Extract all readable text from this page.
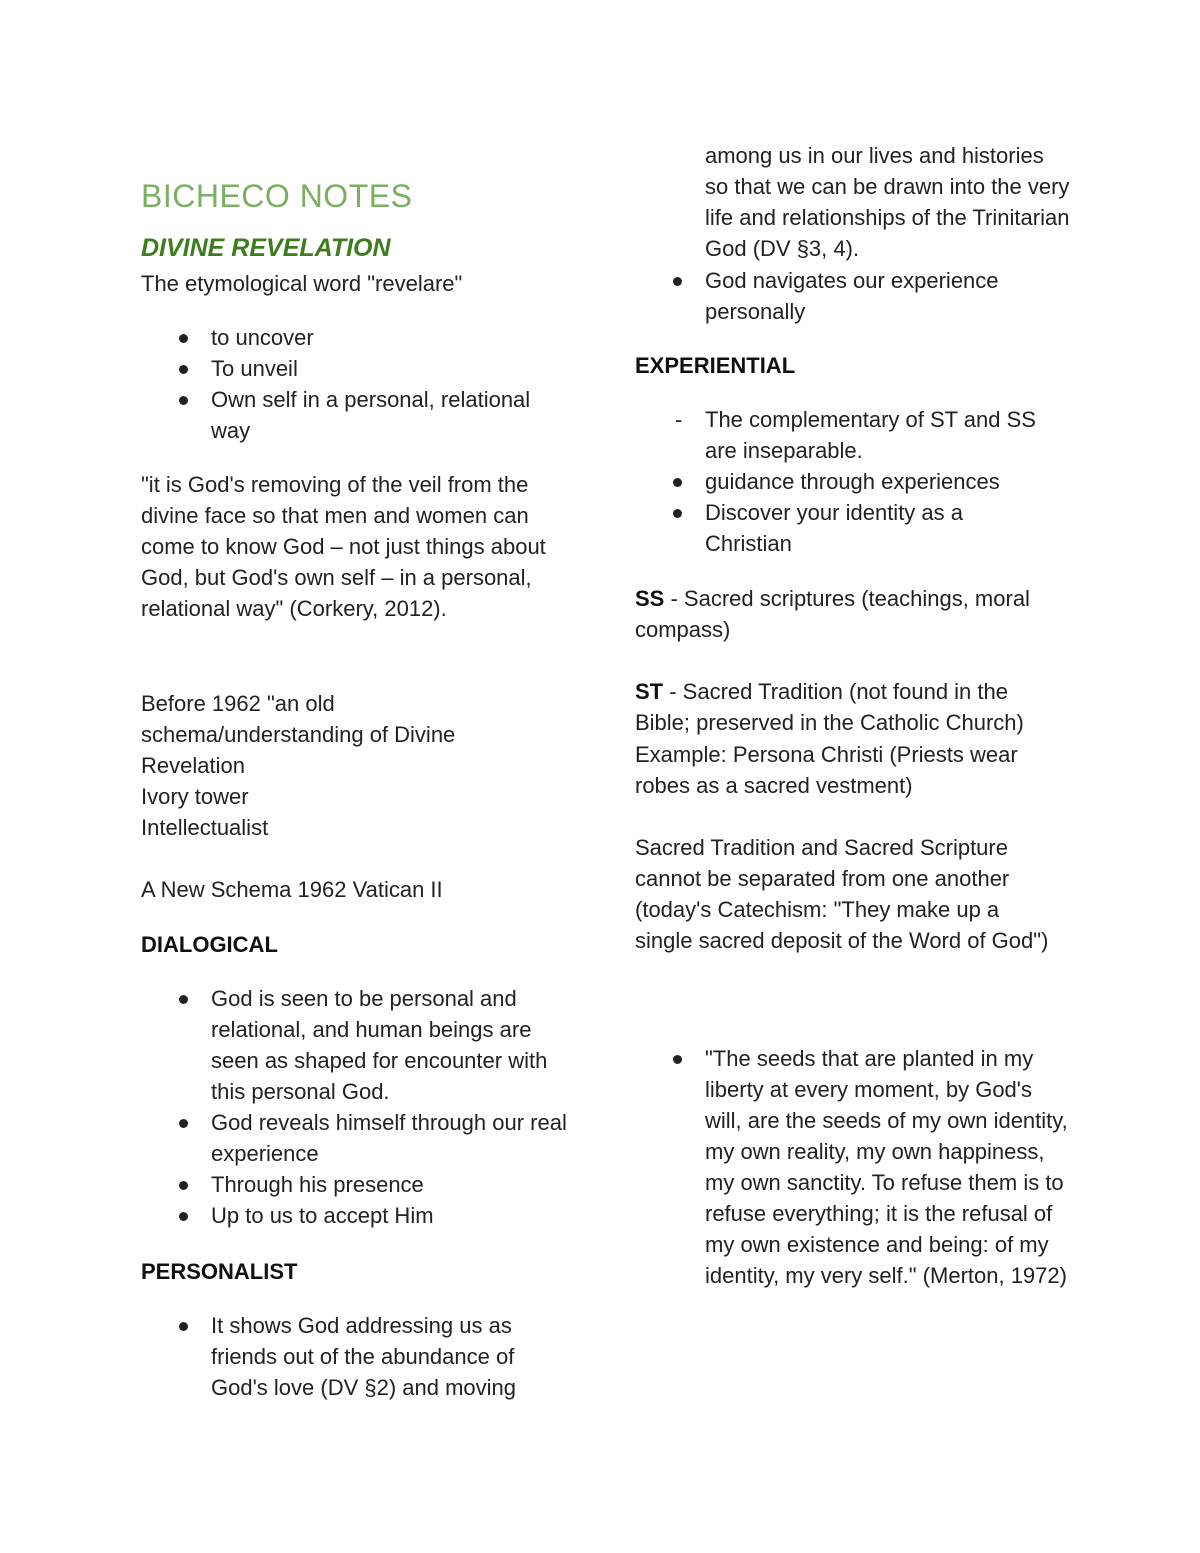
BICHECO NOTES
DIVINE REVELATION

The etymological word "revelare"

to uncover
To unveil
Own self in a personal, relational way

"it is God's removing of the veil from the divine face so that men and women can come to know God – not just things about God, but God's own self – in a personal, relational way" (Corkery, 2012).

Before 1962 "an old schema/understanding of Divine Revelation

Ivory tower

Intellectualist

A New Schema 1962 Vatican II

DIALOGICAL

God is seen to be personal and relational, and human beings are seen as shaped for encounter with this personal God.
God reveals himself through our real experience
Through his presence
Up to us to accept Him

PERSONALIST

It shows God addressing us as friends out of the abundance of God's love (DV §2) and moving

among us in our lives and histories so that we can be drawn into the very life and relationships of the Trinitarian God (DV §3, 4).

God navigates our experience personally

EXPERIENTIAL

-
The complementary of ST and SS are inseparable.
guidance through experiences
Discover your identity as a Christian

SS - Sacred scriptures (teachings, moral compass)

ST - Sacred Tradition (not found in the Bible; preserved in the Catholic Church)

Example: Persona Christi (Priests wear robes as a sacred vestment)

Sacred Tradition and Sacred Scripture cannot be separated from one another (today's Catechism: "They make up a single sacred deposit of the Word of God")

"The seeds that are planted in my liberty at every moment, by God's will, are the seeds of my own identity, my own reality, my own happiness, my own sanctity. To refuse them is to refuse everything; it is the refusal of my own existence and being: of my identity, my very self." (Merton, 1972)
